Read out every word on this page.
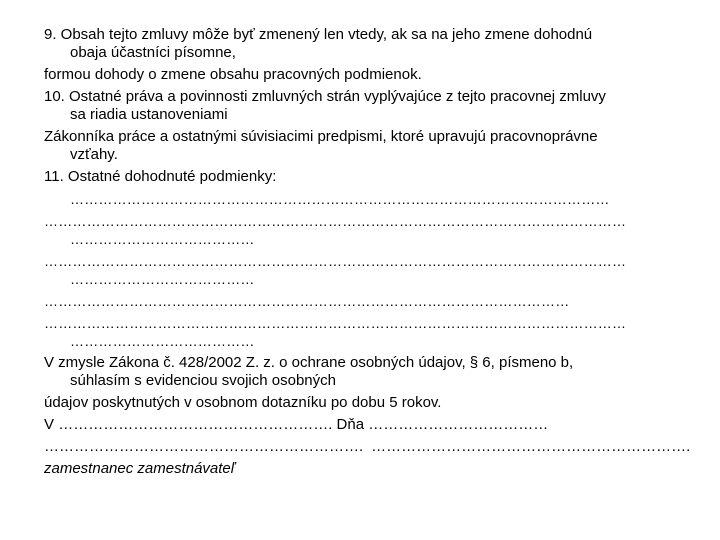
9. Obsah tejto zmluvy môže byť zmenený len vtedy, ak sa na jeho zmene dohodnú
obaja účastníci písomne,
formou dohody o zmene obsahu pracovných podmienok.
10. Ostatné práva a povinnosti zmluvných strán vyplývajúce z tejto pracovnej zmluvy
sa riadia ustanoveniami
Zákonníka práce a ostatnými súvisiacimi predpismi, ktoré upravujú pracovnoprávne
vzťahy.
11. Ostatné dohodnuté podmienky:
……………………………………………………………………………………………………
……………………………………………………………………………………………………………
…………………………………
……………………………………………………………………………………………………………
…………………………………
…………………………………………………………………………………………………
……………………………………………………………………………………………………………
…………………………………
V zmysle Zákona č. 428/2002 Z. z. o ochrane osobných údajov, § 6, písmeno b,
súhlasím s evidenciou svojich osobných
údajov poskytnutých v osobnom dotazníku po dobu 5 rokov.
V ………………………………………………. Dňa ………………………………
………………………………………………………. ……………………………………………………….
zamestnanec zamestnávateľ
